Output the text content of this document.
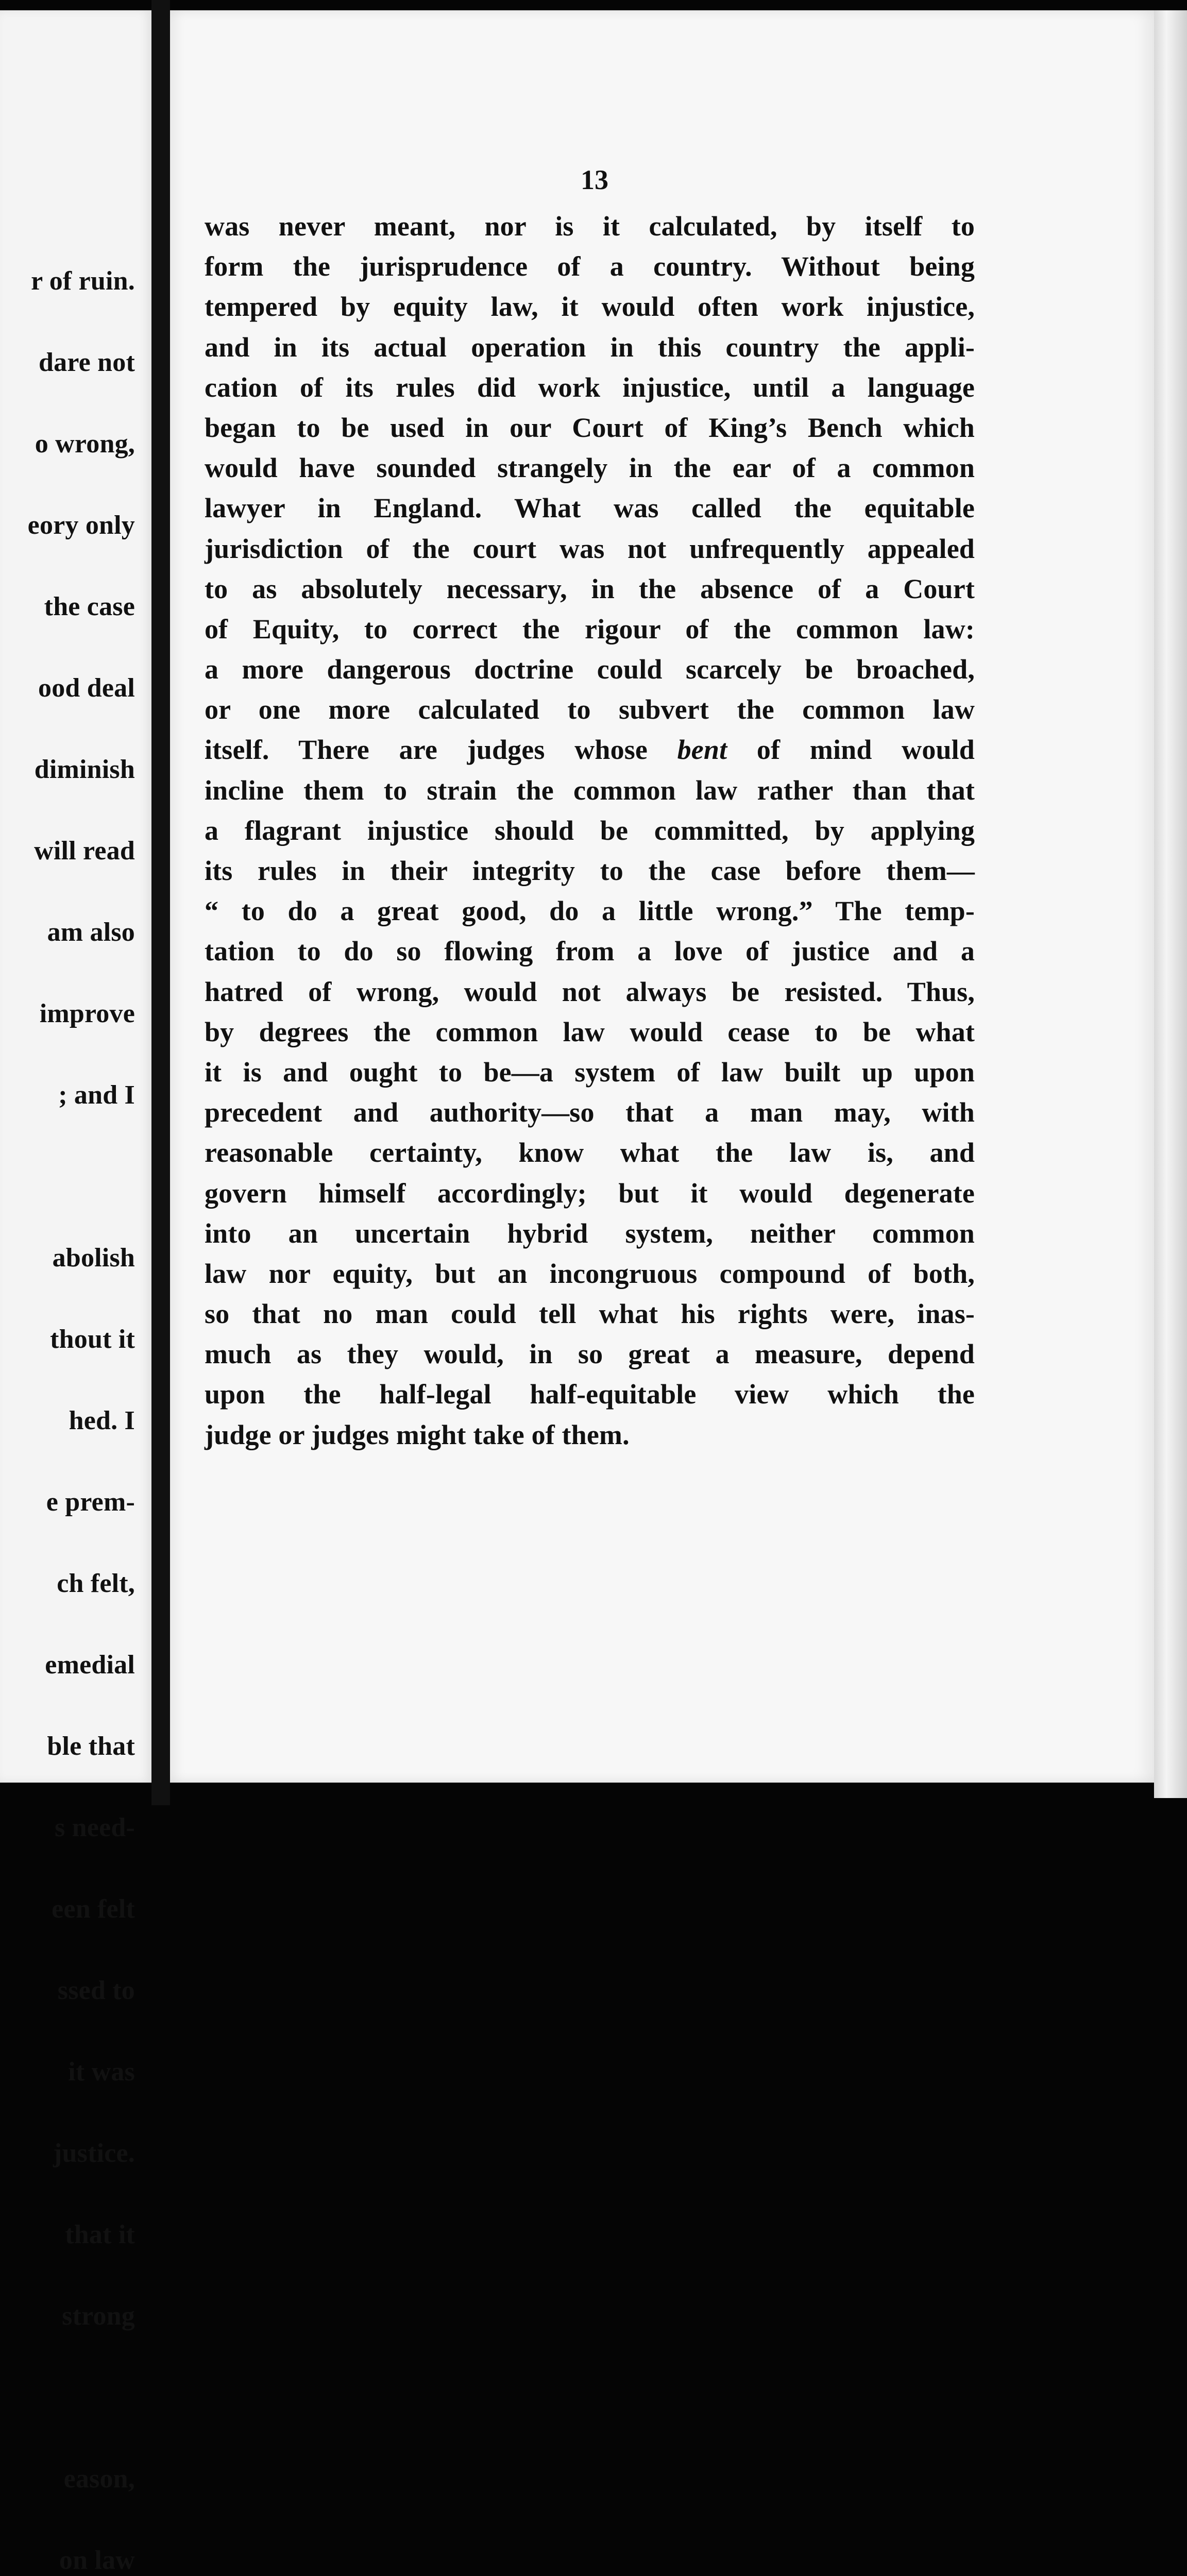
r of ruin.

dare not

o wrong,

eory only

the case

ood deal

diminish

will read

am also

improve

; and I

abolish

thout it

hed. I

e prem-

ch felt,

emedial

ble that

s need-

een felt

ssed to

it was

justice.

that it

strong

eason,

on law

13
was never meant, nor is it calculated, by itself to
form the jurisprudence of a country. Without being
tempered by equity law, it would often work injustice,
and in its actual operation in this country the appli-
cation of its rules did work injustice, until a language
began to be used in our Court of King’s Bench which
would have sounded strangely in the ear of a common
lawyer in England. What was called the equitable
jurisdiction of the court was not unfrequently appealed
to as absolutely necessary, in the absence of a Court
of Equity, to correct the rigour of the common law:
a more dangerous doctrine could scarcely be broached,
or one more calculated to subvert the common law
itself. There are judges whose bent of mind would
incline them to strain the common law rather than that
a flagrant injustice should be committed, by applying
its rules in their integrity to the case before them—
“ to do a great good, do a little wrong.” The temp-
tation to do so flowing from a love of justice and a
hatred of wrong, would not always be resisted. Thus,
by degrees the common law would cease to be what
it is and ought to be—a system of law built up upon
precedent and authority—so that a man may, with
reasonable certainty, know what the law is, and
govern himself accordingly; but it would degenerate
into an uncertain hybrid system, neither common
law nor equity, but an incongruous compound of both,
so that no man could tell what his rights were, inas-
much as they would, in so great a measure, depend
upon the half-legal half-equitable view which the
judge or judges might take of them.
